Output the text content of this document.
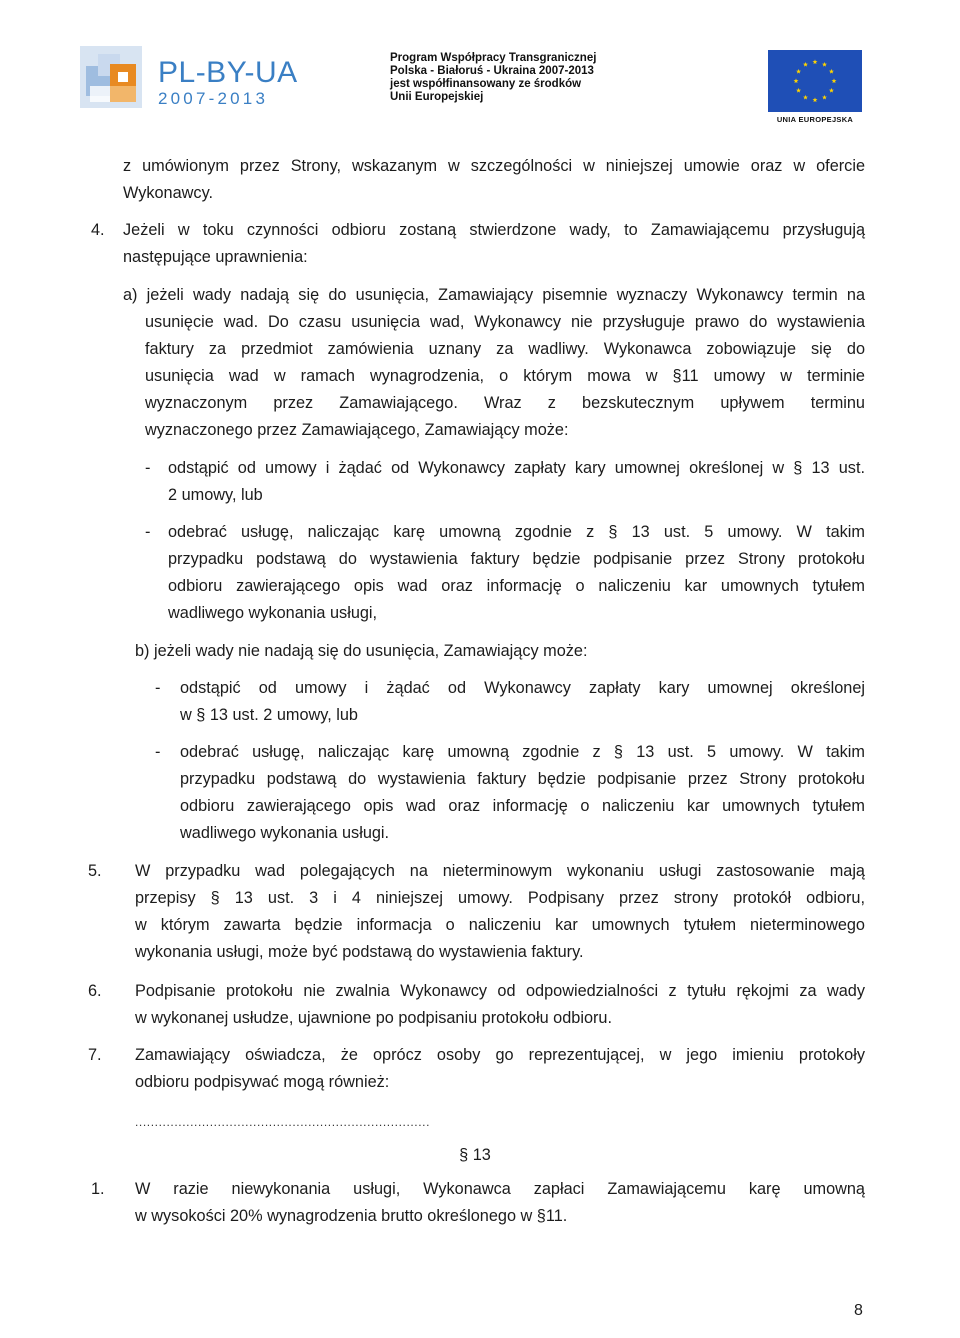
PL-BY-UA
2007-2013
Program Współpracy Transgranicznej
Polska - Białoruś - Ukraina 2007-2013
jest współfinansowany ze środków
Unii Europejskiej
UNIA EUROPEJSKA
z umówionym przez Strony, wskazanym w szczególności w niniejszej umowie oraz w ofercie
Wykonawcy.
4. Jeżeli w toku czynności odbioru zostaną stwierdzone wady, to Zamawiającemu przysługują
następujące uprawnienia:
a) jeżeli wady nadają się do usunięcia, Zamawiający pisemnie wyznaczy Wykonawcy termin na
usunięcie wad. Do czasu usunięcia wad, Wykonawcy nie przysługuje prawo do wystawienia
faktury za przedmiot zamówienia uznany za wadliwy. Wykonawca zobowiązuje się do
usunięcia wad w ramach wynagrodzenia, o którym mowa w §11 umowy w terminie
wyznaczonym przez Zamawiającego. Wraz z bezskutecznym upływem terminu
wyznaczonego przez Zamawiającego, Zamawiający może:
- odstąpić od umowy i żądać od Wykonawcy zapłaty kary umownej określonej w § 13 ust.
2 umowy, lub
- odebrać usługę, naliczając karę umowną zgodnie z § 13 ust. 5 umowy. W takim
przypadku podstawą do wystawienia faktury będzie podpisanie przez Strony protokołu
odbioru zawierającego opis wad oraz informację o naliczeniu kar umownych tytułem
wadliwego wykonania usługi,
b) jeżeli wady nie nadają się do usunięcia, Zamawiający może:
- odstąpić od umowy i żądać od Wykonawcy zapłaty kary umownej określonej
w § 13 ust. 2 umowy, lub
- odebrać usługę, naliczając karę umowną zgodnie z § 13 ust. 5 umowy. W takim
przypadku podstawą do wystawienia faktury będzie podpisanie przez Strony protokołu
odbioru zawierającego opis wad oraz informację o naliczeniu kar umownych tytułem
wadliwego wykonania usługi.
5. W przypadku wad polegających na nieterminowym wykonaniu usługi zastosowanie mają
przepisy § 13 ust. 3 i 4 niniejszej umowy. Podpisany przez strony protokół odbioru,
w którym zawarta będzie informacja o naliczeniu kar umownych tytułem nieterminowego
wykonania usługi, może być podstawą do wystawienia faktury.
6. Podpisanie protokołu nie zwalnia Wykonawcy od odpowiedzialności z tytułu rękojmi za wady
w wykonanej usłudze, ujawnione po podpisaniu protokołu odbioru.
7. Zamawiający oświadcza, że oprócz osoby go reprezentującej, w jego imieniu protokoły
odbioru podpisywać mogą również:
...........................................................................
§ 13
1. W razie niewykonania usługi, Wykonawca zapłaci Zamawiającemu karę umowną
w wysokości 20% wynagrodzenia brutto określonego w §11.
8
